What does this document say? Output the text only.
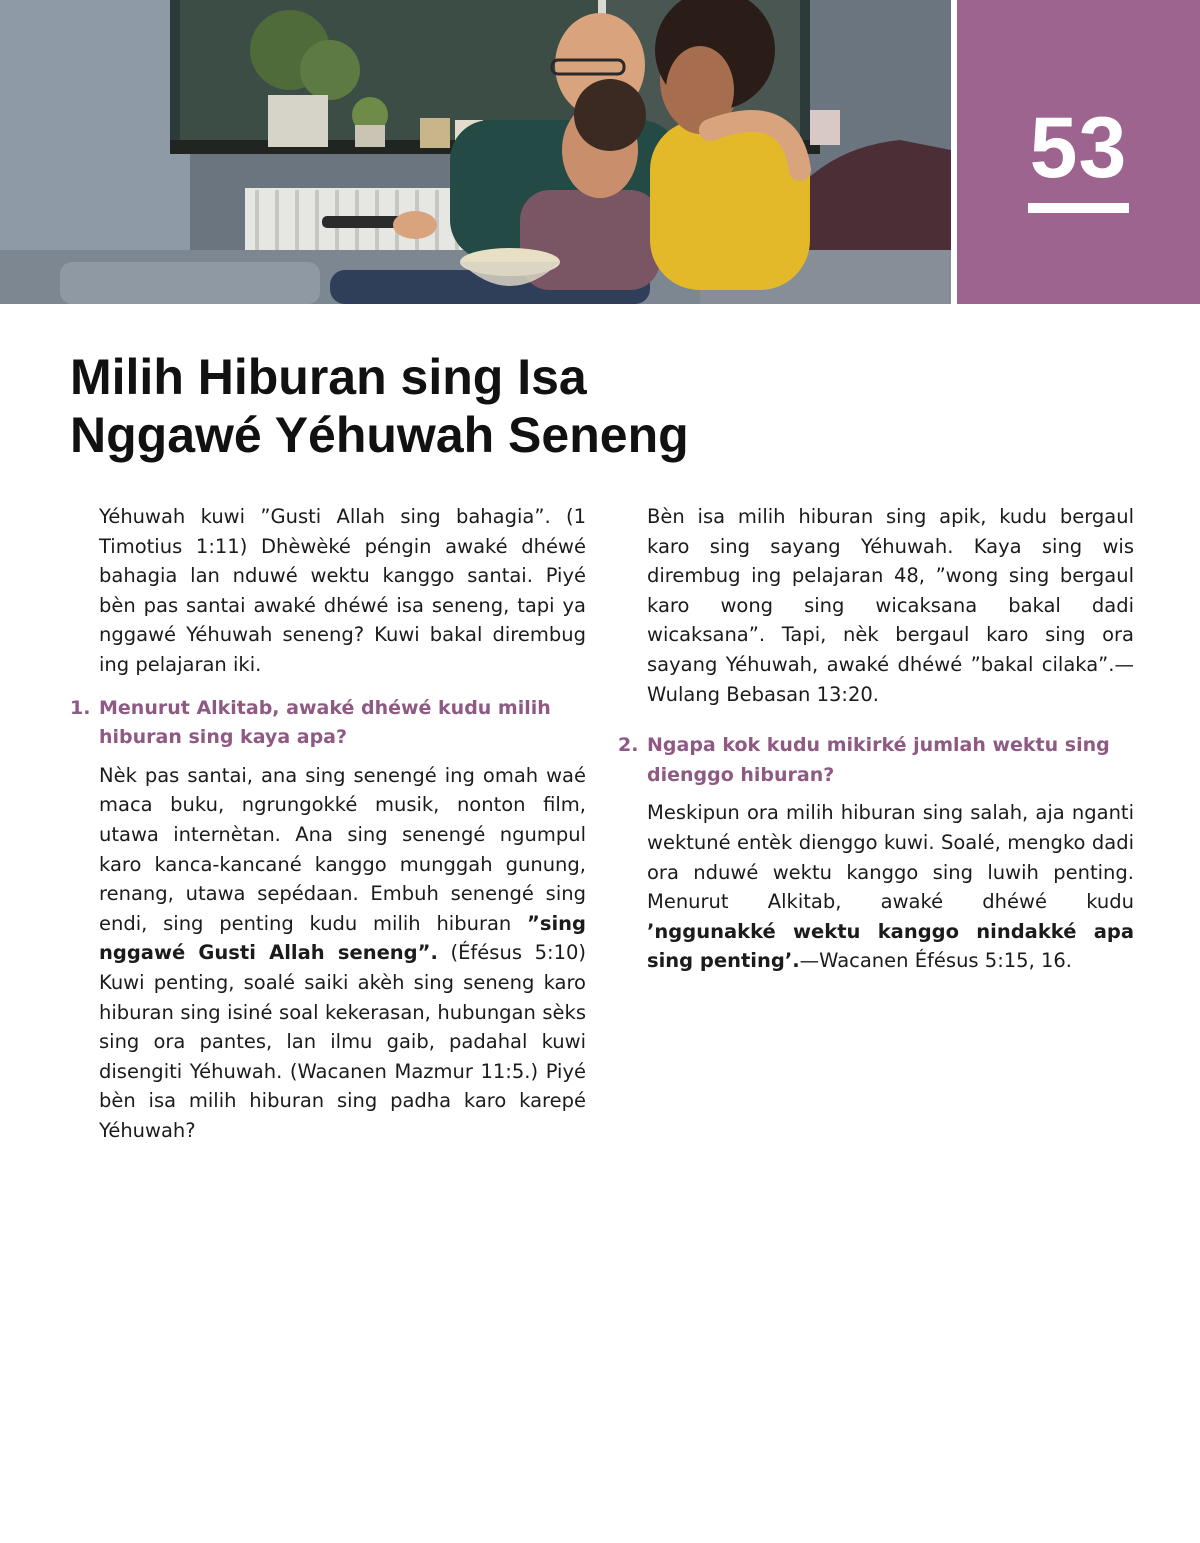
53
Milih Hiburan sing Isa
Nggawé Yéhuwah Seneng

Yéhuwah kuwi ”Gusti Allah sing bahagia”. (1 Timotius 1:11) Dhèwèké péngin awaké dhéwé bahagia lan nduwé wektu kanggo santai. Piyé bèn pas santai awaké dhéwé isa seneng, tapi ya nggawé Yéhuwah seneng? Kuwi bakal dirembug ing pelajaran iki.

1. Menurut Alkitab, awaké dhéwé kudu milih hiburan sing kaya apa?

Nèk pas santai, ana sing senengé ing omah waé maca buku, ngrungokké musik, nonton film, utawa internètan. Ana sing senengé ngumpul karo kanca-kancané kanggo munggah gunung, renang, utawa sepédaan. Embuh senengé sing endi, sing penting kudu milih hiburan ”sing nggawé Gusti Allah seneng”. (Éfésus 5:10) Kuwi penting, soalé saiki akèh sing seneng karo hiburan sing isiné soal kekerasan, hubungan sèks sing ora pantes, lan ilmu gaib, padahal kuwi disengiti Yéhuwah. (Wacanen Mazmur 11:5.) Piyé bèn isa milih hiburan sing padha karo karepé Yéhuwah?

Bèn isa milih hiburan sing apik, kudu bergaul karo sing sayang Yéhuwah. Kaya sing wis dirembug ing pelajaran 48, ”wong sing bergaul karo wong sing wicaksana bakal dadi wicaksana”. Tapi, nèk bergaul karo sing ora sayang Yéhuwah, awaké dhéwé ”bakal cilaka”.—Wulang Bebasan 13:20.

2. Ngapa kok kudu mikirké jumlah wektu sing dienggo hiburan?

Meskipun ora milih hiburan sing salah, aja nganti wektuné entèk dienggo kuwi. Soalé, mengko dadi ora nduwé wektu kanggo sing luwih penting. Menurut Alkitab, awaké dhéwé kudu ’nggunakké wektu kanggo nindakké apa sing penting’.—Wacanen Éfésus 5:15, 16.
